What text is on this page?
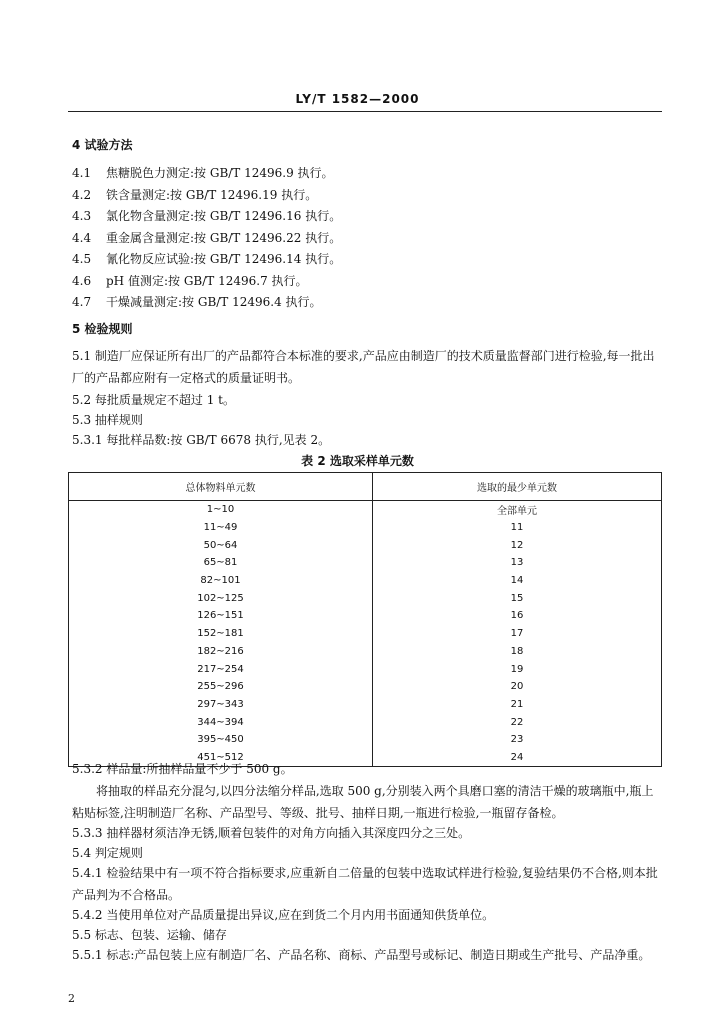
LY/T 1582—2000
4 试验方法
4.1 焦糖脱色力测定:按 GB/T 12496.9 执行。
4.2 铁含量测定:按 GB/T 12496.19 执行。
4.3 氯化物含量测定:按 GB/T 12496.16 执行。
4.4 重金属含量测定:按 GB/T 12496.22 执行。
4.5 氰化物反应试验:按 GB/T 12496.14 执行。
4.6 pH 值测定:按 GB/T 12496.7 执行。
4.7 干燥减量测定:按 GB/T 12496.4 执行。
5 检验规则
5.1 制造厂应保证所有出厂的产品都符合本标准的要求,产品应由制造厂的技术质量监督部门进行检验,每一批出厂的产品都应附有一定格式的质量证明书。
5.2 每批质量规定不超过 1 t。
5.3 抽样规则
5.3.1 每批样品数:按 GB/T 6678 执行,见表 2。
表 2 选取采样单元数
总体物料单元数	选取的最少单元数
1~10	全部单元
11~49	11
50~64	12
65~81	13
82~101	14
102~125	15
126~151	16
152~181	17
182~216	18
217~254	19
255~296	20
297~343	21
344~394	22
395~450	23
451~512	24
5.3.2 样品量:所抽样品量不少于 500 g。
将抽取的样品充分混匀,以四分法缩分样品,选取 500 g,分别装入两个具磨口塞的清洁干燥的玻璃瓶中,瓶上粘贴标签,注明制造厂名称、产品型号、等级、批号、抽样日期,一瓶进行检验,一瓶留存备检。
5.3.3 抽样器材须洁净无锈,顺着包装件的对角方向插入其深度四分之三处。
5.4 判定规则
5.4.1 检验结果中有一项不符合指标要求,应重新自二倍量的包装中选取试样进行检验,复验结果仍不合格,则本批产品判为不合格品。
5.4.2 当使用单位对产品质量提出异议,应在到货二个月内用书面通知供货单位。
5.5 标志、包装、运输、储存
5.5.1 标志:产品包装上应有制造厂名、产品名称、商标、产品型号或标记、制造日期或生产批号、产品净重。
2
